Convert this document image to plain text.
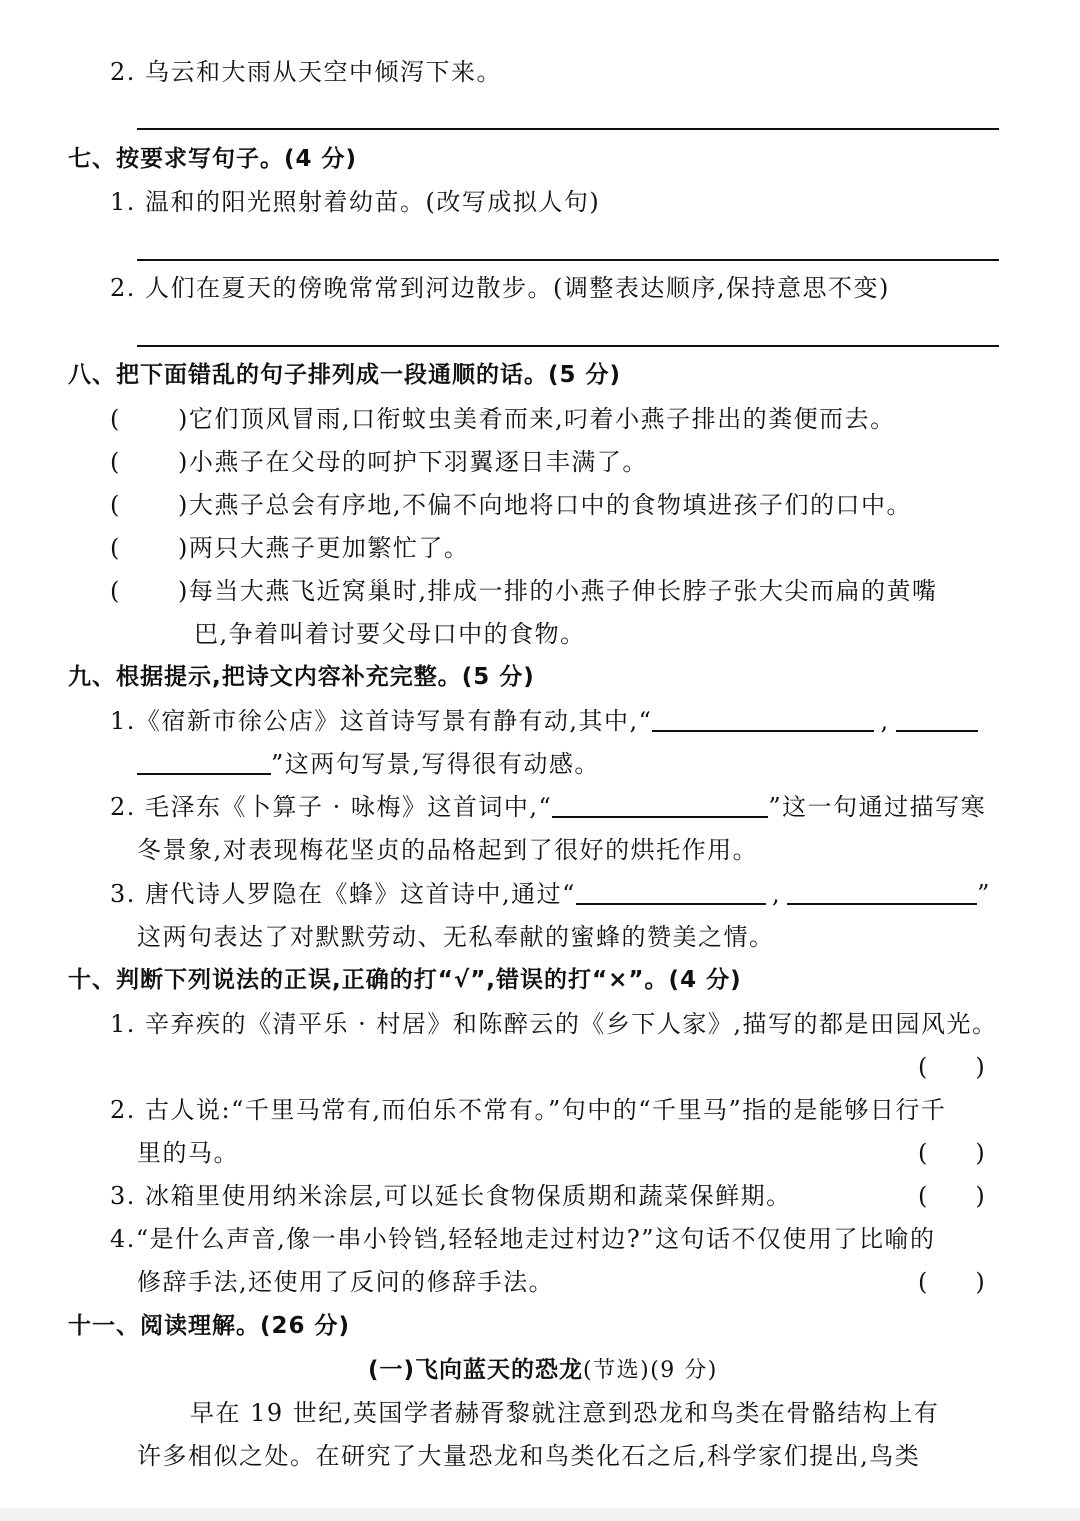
2. 乌云和大雨从天空中倾泻下来。
七、按要求写句子。(4 分)
1. 温和的阳光照射着幼苗。(改写成拟人句)
2. 人们在夏天的傍晚常常到河边散步。(调整表达顺序,保持意思不变)
八、把下面错乱的句子排列成一段通顺的话。(5 分)
( )它们顶风冒雨,口衔蚊虫美肴而来,叼着小燕子排出的粪便而去。
( )小燕子在父母的呵护下羽翼逐日丰满了。
( )大燕子总会有序地,不偏不向地将口中的食物填进孩子们的口中。
( )两只大燕子更加繁忙了。
( )每当大燕飞近窝巢时,排成一排的小燕子伸长脖子张大尖而扁的黄嘴
巴,争着叫着讨要父母口中的食物。
九、根据提示,把诗文内容补充完整。(5 分)
1.《宿新市徐公店》这首诗写景有静有动,其中,“	,
”这两句写景,写得很有动感。
2. 毛泽东《卜算子 · 咏梅》这首词中,“	”这一句通过描写寒
冬景象,对表现梅花坚贞的品格起到了很好的烘托作用。
3. 唐代诗人罗隐在《蜂》这首诗中,通过“	,	”
这两句表达了对默默劳动、无私奉献的蜜蜂的赞美之情。
十、判断下列说法的正误,正确的打“√”,错误的打“×”。(4 分)
1. 辛弃疾的《清平乐 · 村居》和陈醉云的《乡下人家》,描写的都是田园风光。
(　　)
2. 古人说:“千里马常有,而伯乐不常有。”句中的“千里马”指的是能够日行千
里的马。	(　　)
3. 冰箱里使用纳米涂层,可以延长食物保质期和蔬菜保鲜期。	(　　)
4.“是什么声音,像一串小铃铛,轻轻地走过村边?”这句话不仅使用了比喻的
修辞手法,还使用了反问的修辞手法。	(　　)
十一、阅读理解。(26 分)
(一)飞向蓝天的恐龙(节选)(9 分)
早在 19 世纪,英国学者赫胥黎就注意到恐龙和鸟类在骨骼结构上有
许多相似之处。在研究了大量恐龙和鸟类化石之后,科学家们提出,鸟类
